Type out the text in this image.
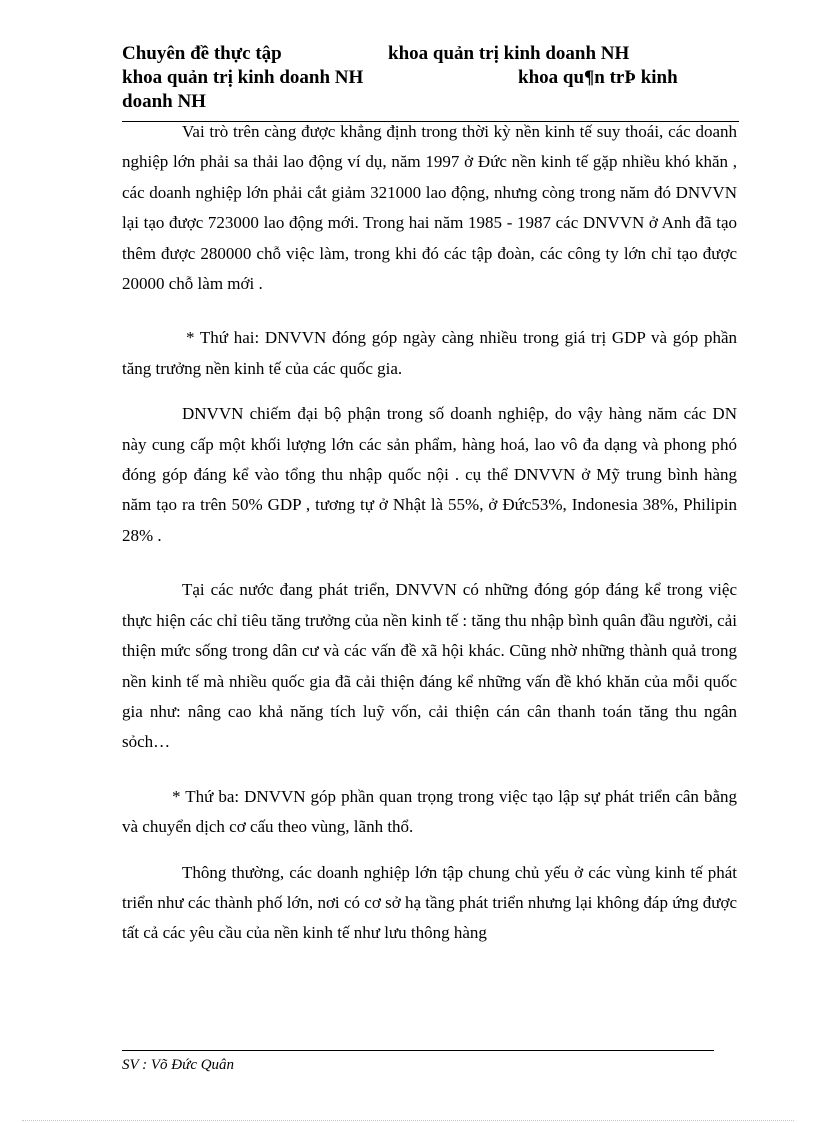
Chuyên đề thực tập	khoa quản trị kinh doanh NH
khoa quản trị kinh doanh NH	khoa qu¶n trÞ kinh
doanh NH

Vai trò trên càng được khẳng định trong thời kỳ nền kinh tế suy thoái, các doanh nghiệp lớn phải sa thải lao động ví dụ, năm 1997 ở Đức nền kinh tế gặp nhiều khó khăn , các doanh nghiệp lớn phải cắt giảm 321000 lao động, nhưng còng trong năm đó DNVVN lại tạo được 723000 lao động mới. Trong hai năm 1985 - 1987 các DNVVN ở Anh đã tạo thêm được 280000 chỗ việc làm, trong khi đó các tập đoàn, các công ty lớn chỉ tạo được 20000 chỗ làm mới .

* Thứ hai: DNVVN đóng góp ngày càng nhiều trong giá trị GDP và góp phần tăng trưởng nền kinh tế của các quốc gia.

DNVVN chiếm đại bộ phận trong số doanh nghiệp, do vậy hàng năm các DN này cung cấp một khối lượng lớn các sản phẩm, hàng hoá, lao vô đa dạng và phong phó đóng góp đáng kể vào tổng thu nhập quốc nội . cụ thể DNVVN ở Mỹ trung bình hàng năm tạo ra trên 50% GDP , tương tự ở Nhật là 55%, ở Đức53%, Indonesia 38%, Philipin 28% .

Tại các nước đang phát triển, DNVVN có những đóng góp đáng kể trong việc thực hiện các chỉ tiêu tăng trưởng của nền kinh tế : tăng thu nhập bình quân đầu người, cải thiện mức sống trong dân cư và các vấn đề xã hội khác. Cũng nhờ những thành quả trong nền kinh tế mà nhiều quốc gia đã cải thiện đáng kể những vấn đề khó khăn của mỗi quốc gia như: nâng cao khả năng tích luỹ vốn, cải thiện cán cân thanh toán tăng thu ngân sỏch…

* Thứ ba: DNVVN góp phần quan trọng trong việc tạo lập sự phát triển cân bằng và chuyển dịch cơ cấu theo vùng, lãnh thổ.

Thông thường, các doanh nghiệp lớn tập chung chủ yếu ở các vùng kinh tế phát triển như các thành phố lớn, nơi có cơ sở hạ tầng phát triển nhưng lại không đáp ứng được tất cả các yêu cầu của nền kinh tế như lưu thông hàng

SV : Võ Đức Quân
